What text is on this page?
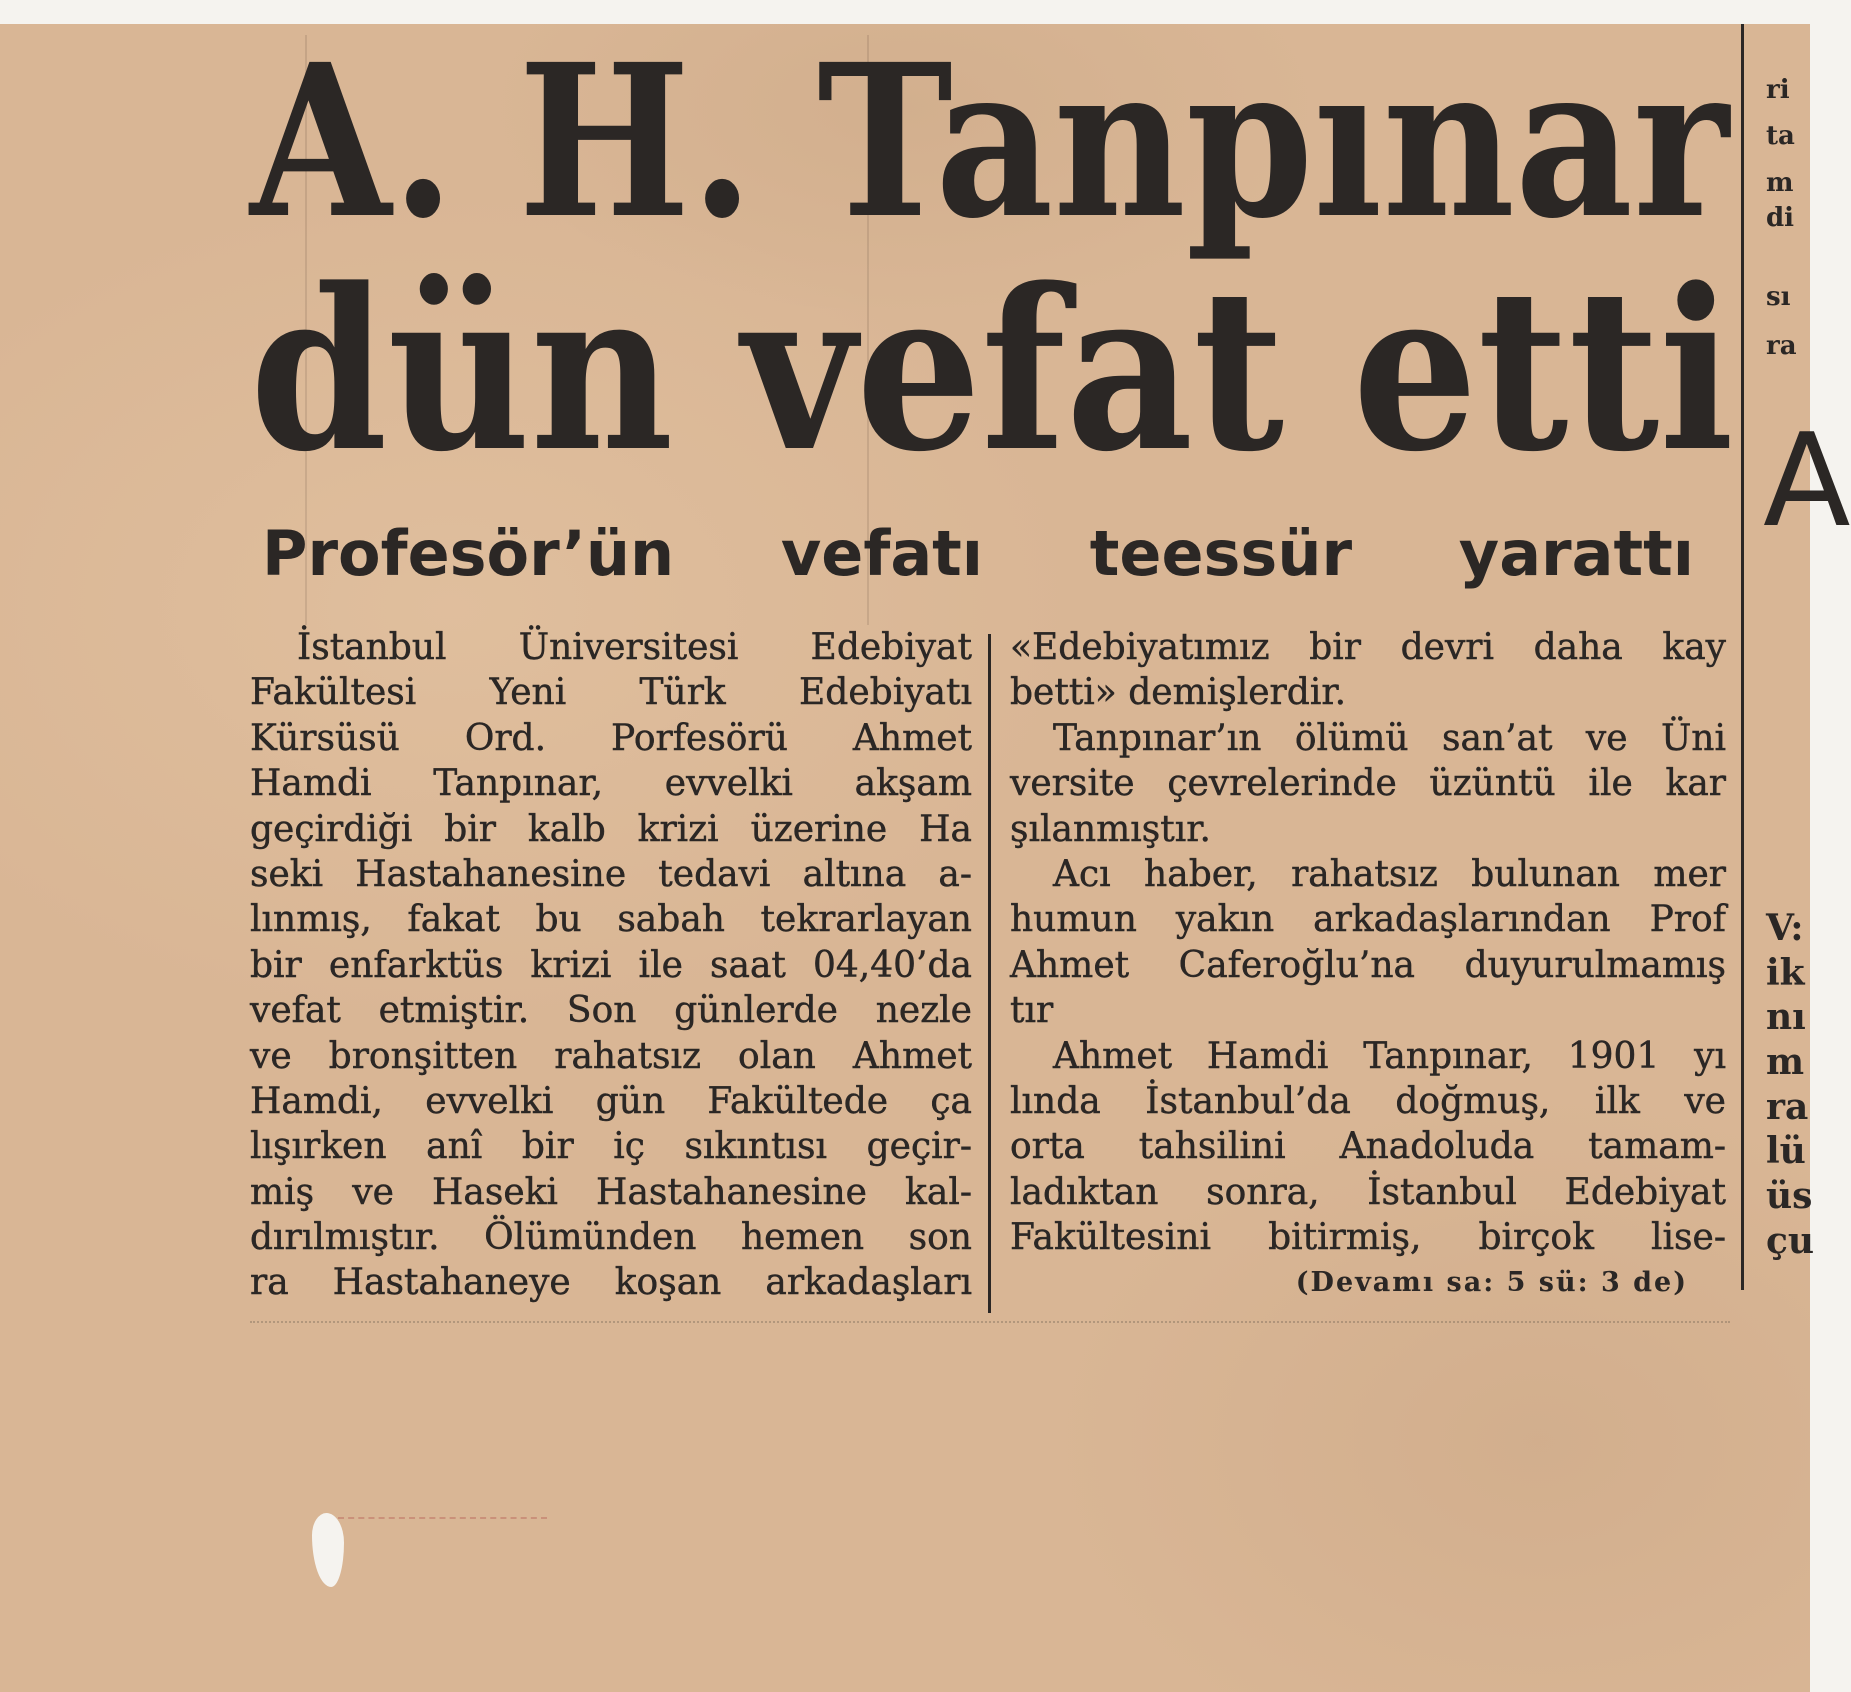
A. H. Tanpınar
dün vefat etti
Profesör’ün vefatı teessür yarattı
İstanbul Üniversitesi Edebiyat
Fakültesi Yeni Türk Edebiyatı
Kürsüsü Ord. Porfesörü Ahmet
Hamdi Tanpınar, evvelki akşam
geçirdiği bir kalb krizi üzerine Ha
seki Hastahanesine tedavi altına a-
lınmış, fakat bu sabah tekrarlayan
bir enfarktüs krizi ile saat 04,40’da
vefat etmiştir. Son günlerde nezle
ve bronşitten rahatsız olan Ahmet
Hamdi, evvelki gün Fakültede ça
lışırken anî bir iç sıkıntısı geçir-
miş ve Haseki Hastahanesine kal-
dırılmıştır. Ölümünden hemen son
ra Hastahaneye koşan arkadaşları
«Edebiyatımız bir devri daha kay
betti» demişlerdir.
Tanpınar’ın ölümü san’at ve Üni
versite çevrelerinde üzüntü ile kar
şılanmıştır.
Acı haber, rahatsız bulunan mer
humun yakın arkadaşlarından Prof
Ahmet Caferoğlu’na duyurulmamış
tır
Ahmet Hamdi Tanpınar, 1901 yı
lında İstanbul’da doğmuş, ilk ve
orta tahsilini Anadoluda tamam-
ladıktan sonra, İstanbul Edebiyat
Fakültesini bitirmiş, birçok lise-
(Devamı sa: 5 sü: 3 de)
ri
ta
m
di
sı
ra
A
V:
ik
nı
m
ra
lü
üs
çu
